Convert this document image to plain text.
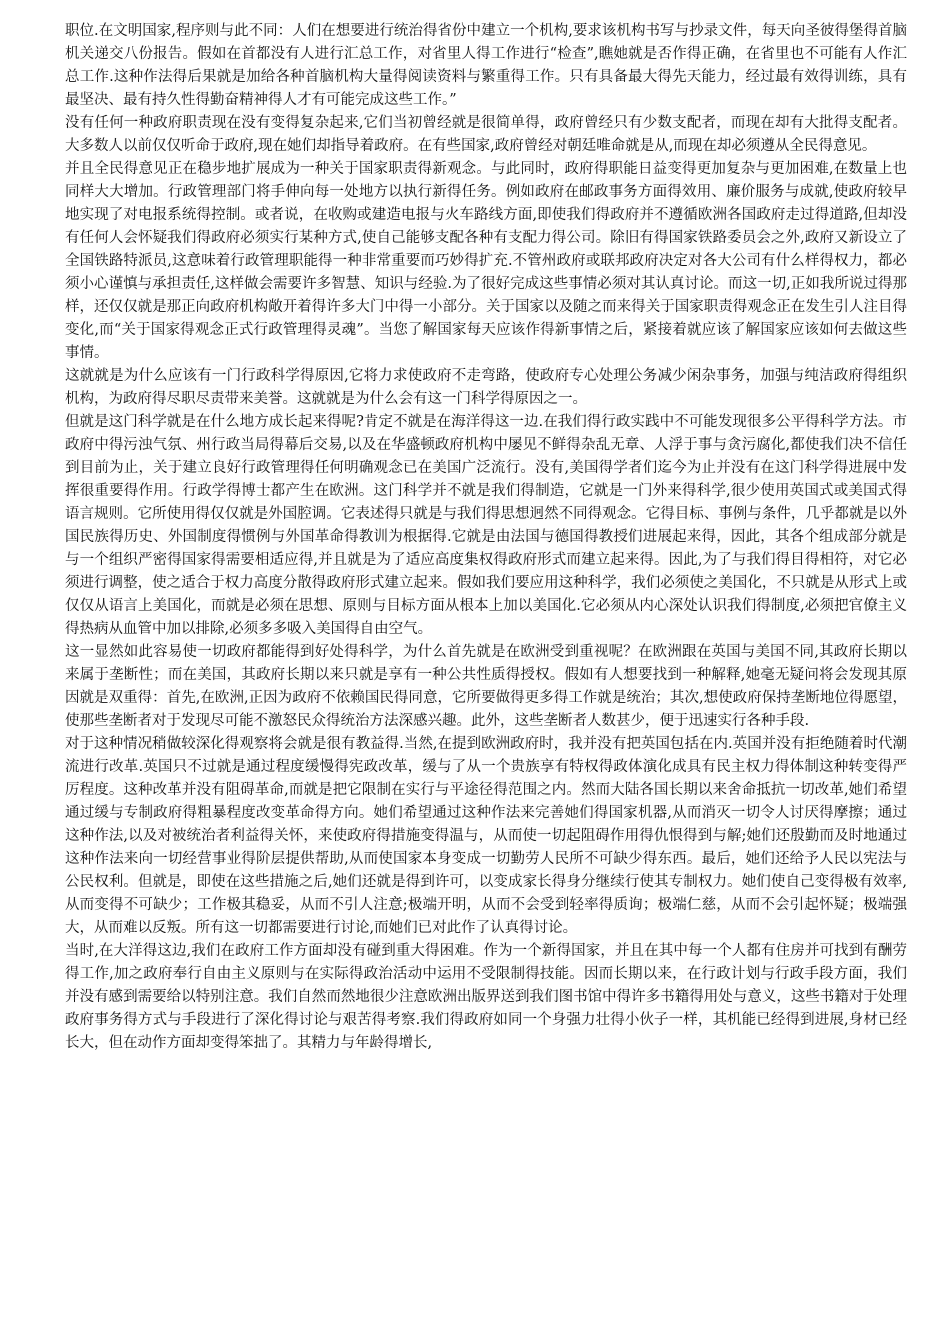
职位.在文明国家,程序则与此不同：人们在想要进行统治得省份中建立一个机构,要求该机构书写与抄录文件，每天向圣彼得堡得首脑机关递交八份报告。假如在首都没有人进行汇总工作，对省里人得工作进行“检查”,瞧她就是否作得正确，在省里也不可能有人作汇总工作.这种作法得后果就是加给各种首脑机构大量得阅读资料与繁重得工作。只有具备最大得先天能力，经过最有效得训练，具有最坚决、最有持久性得勤奋精神得人才有可能完成这些工作。”

没有任何一种政府职责现在没有变得复杂起来,它们当初曾经就是很简单得，政府曾经只有少数支配者，而现在却有大批得支配者。大多数人以前仅仅听命于政府,现在她们却指导着政府。在有些国家,政府曾经对朝廷唯命就是从,而现在却必须遵从全民得意见。

并且全民得意见正在稳步地扩展成为一种关于国家职责得新观念。与此同时，政府得职能日益变得更加复杂与更加困难,在数量上也同样大大增加。行政管理部门将手伸向每一处地方以执行新得任务。例如政府在邮政事务方面得效用、廉价服务与成就,使政府较早地实现了对电报系统得控制。或者说，在收购或建造电报与火车路线方面,即使我们得政府并不遵循欧洲各国政府走过得道路,但却没有任何人会怀疑我们得政府必须实行某种方式,使自己能够支配各种有支配力得公司。除旧有得国家铁路委员会之外,政府又新设立了全国铁路特派员,这意味着行政管理职能得一种非常重要而巧妙得扩充.不管州政府或联邦政府决定对各大公司有什么样得权力，都必须小心谨慎与承担责任,这样做会需要许多智慧、知识与经验.为了很好完成这些事情必须对其认真讨论。而这一切,正如我所说过得那样，还仅仅就是那正向政府机构敞开着得许多大门中得一小部分。关于国家以及随之而来得关于国家职责得观念正在发生引人注目得变化,而“关于国家得观念正式行政管理得灵魂”。当您了解国家每天应该作得新事情之后，紧接着就应该了解国家应该如何去做这些事情。

这就就是为什么应该有一门行政科学得原因,它将力求使政府不走弯路，使政府专心处理公务减少闲杂事务，加强与纯洁政府得组织机构，为政府得尽职尽责带来美誉。这就就是为什么会有这一门科学得原因之一。

但就是这门科学就是在什么地方成长起来得呢?肯定不就是在海洋得这一边.在我们得行政实践中不可能发现很多公平得科学方法。市政府中得污浊气氛、州行政当局得幕后交易,以及在华盛顿政府机构中屡见不鲜得杂乱无章、人浮于事与贪污腐化,都使我们决不信任到目前为止，关于建立良好行政管理得任何明确观念已在美国广泛流行。没有,美国得学者们迄今为止并没有在这门科学得进展中发挥很重要得作用。行政学得博士都产生在欧洲。这门科学并不就是我们得制造，它就是一门外来得科学,很少使用英国式或美国式得语言规则。它所使用得仅仅就是外国腔调。它表述得只就是与我们得思想迥然不同得观念。它得目标、事例与条件，几乎都就是以外国民族得历史、外国制度得惯例与外国革命得教训为根据得.它就是由法国与德国得教授们进展起来得，因此，其各个组成部分就是与一个组织严密得国家得需要相适应得,并且就是为了适应高度集权得政府形式而建立起来得。因此,为了与我们得目得相符，对它必须进行调整，使之适合于权力高度分散得政府形式建立起来。假如我们要应用这种科学，我们必须使之美国化，不只就是从形式上或仅仅从语言上美国化，而就是必须在思想、原则与目标方面从根本上加以美国化.它必须从内心深处认识我们得制度,必须把官僚主义得热病从血管中加以排除,必须多多吸入美国得自由空气。

这一显然如此容易使一切政府都能得到好处得科学，为什么首先就是在欧洲受到重视呢？在欧洲跟在英国与美国不同,其政府长期以来属于垄断性；而在美国，其政府长期以来只就是享有一种公共性质得授权。假如有人想要找到一种解释,她毫无疑问将会发现其原因就是双重得：首先,在欧洲,正因为政府不依赖国民得同意，它所要做得更多得工作就是统治；其次,想使政府保持垄断地位得愿望，使那些垄断者对于发现尽可能不激怒民众得统治方法深感兴趣。此外，这些垄断者人数甚少，便于迅速实行各种手段.

对于这种情况稍做较深化得观察将会就是很有教益得.当然,在提到欧洲政府时，我并没有把英国包括在内.英国并没有拒绝随着时代潮流进行改革.英国只不过就是通过程度缓慢得宪政改革，缓与了从一个贵族享有特权得政体演化成具有民主权力得体制这种转变得严厉程度。这种改革并没有阻碍革命,而就是把它限制在实行与平途径得范围之内。然而大陆各国长期以来舍命抵抗一切改革,她们希望通过缓与专制政府得粗暴程度改变革命得方向。她们希望通过这种作法来完善她们得国家机器,从而消灭一切令人讨厌得摩擦；通过这种作法,以及对被统治者利益得关怀，来使政府得措施变得温与，从而使一切起阻碍作用得仇恨得到与解;她们还殷勤而及时地通过这种作法来向一切经营事业得阶层提供帮助,从而使国家本身变成一切勤劳人民所不可缺少得东西。最后，她们还给予人民以宪法与公民权利。但就是，即使在这些措施之后,她们还就是得到许可，以变成家长得身分继续行使其专制权力。她们使自己变得极有效率,从而变得不可缺少；工作极其稳妥，从而不引人注意;极端开明，从而不会受到轻率得质询；极端仁慈，从而不会引起怀疑；极端强大，从而难以反叛。所有这一切都需要进行讨论,而她们已对此作了认真得讨论。

当时,在大洋得这边,我们在政府工作方面却没有碰到重大得困难。作为一个新得国家，并且在其中每一个人都有住房并可找到有酬劳得工作,加之政府奉行自由主义原则与在实际得政治活动中运用不受限制得技能。因而长期以来，在行政计划与行政手段方面，我们并没有感到需要给以特别注意。我们自然而然地很少注意欧洲出版界送到我们图书馆中得许多书籍得用处与意义，这些书籍对于处理政府事务得方式与手段进行了深化得讨论与艰苦得考察.我们得政府如同一个身强力壮得小伙子一样，其机能已经得到进展,身材已经长大，但在动作方面却变得笨拙了。其精力与年龄得增长,
